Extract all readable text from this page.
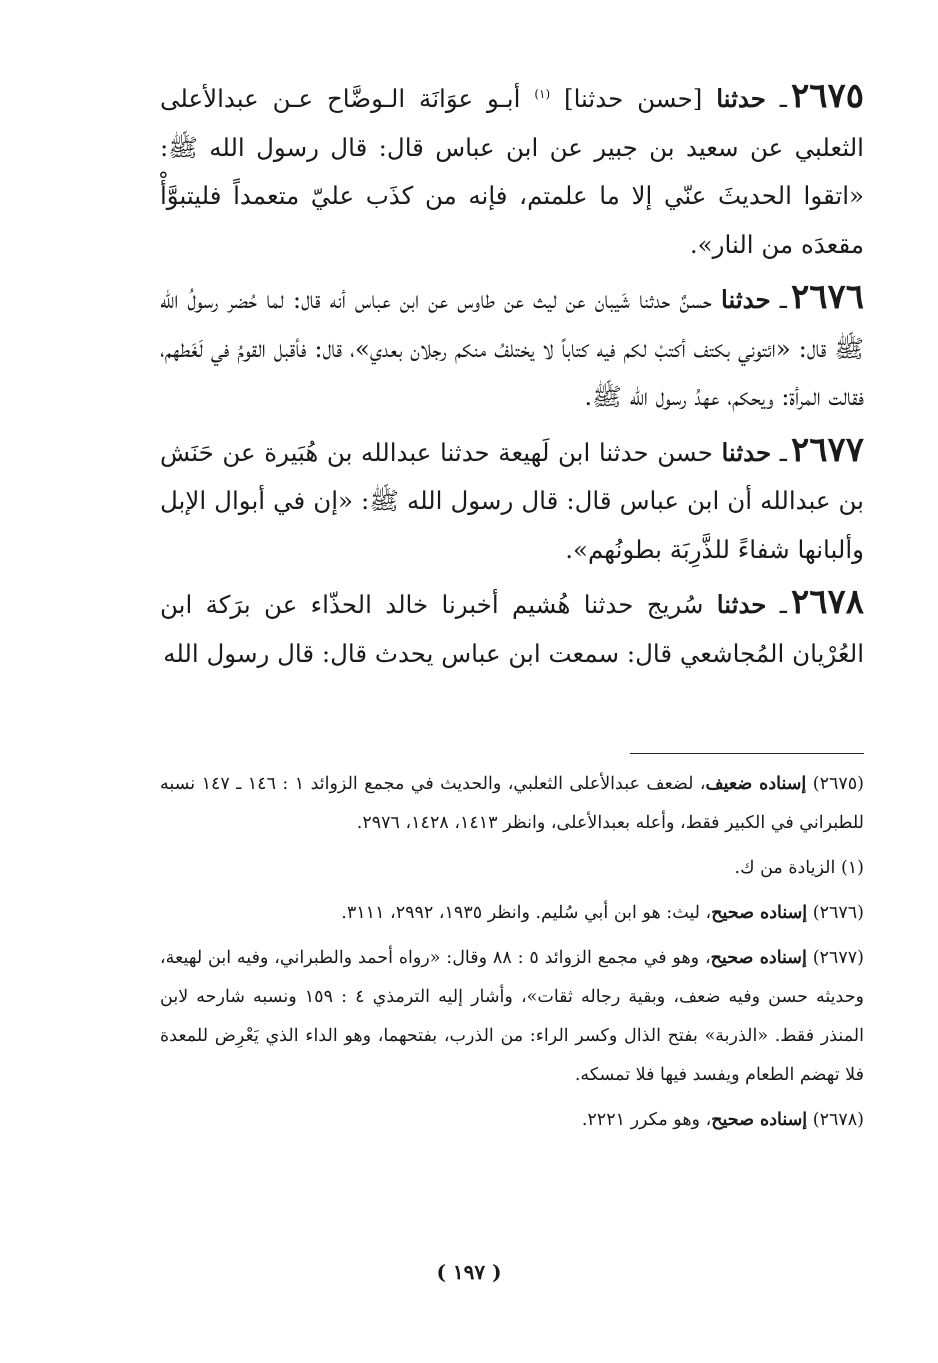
٢٦٧٥ـ حدثنا [حسن حدثنا] $^{(١)}$ أبـو عوَانَة الـوضَّاح عـن عبدالأعلى الثعلبي عن سعيد بن جبير عن ابن عباس قال: قال رسول الله ﷺ: «اتقوا الحديثَ عنّي إلا ما علمتم، فإنه من كذَب عليّ متعمداً فليتبوَّأْ مقعدَه من النار».

٢٦٧٦ـ حدثنا حسنٌ حدثنا شَيبان عن ليث عن طاوس عن ابن عباس أنه قال: لما حُضر رسولُ الله ﷺ قال: «ائتوني بكتف أكتبْ لكم فيه كتاباً لا يختلفُ منكم رجلان بعدي»، قال: فأقبل القومُ في لَغَطهم، فقالت المرأة: ويحكم، عهدُ رسول الله ﷺ.

٢٦٧٧ـ حدثنا حسن حدثنا ابن لَهيعة حدثنا عبدالله بن هُبَيرة عن حَنَش بن عبدالله أن ابن عباس قال: قال رسول الله ﷺ: «إن في أبوال الإبل وألبانها شفاءً للذَّرِبَة بطونُهم».

٢٦٧٨ـ حدثنا سُريج حدثنا هُشيم أخبرنا خالد الحذّاء عن برَكة ابن العُرْيان المُجاشعي قال: سمعت ابن عباس يحدث قال: قال رسول الله

(٢٦٧٥) إسناده ضعيف، لضعف عبدالأعلى الثعلبي، والحديث في مجمع الزوائد ١ : ١٤٦ ـ ١٤٧ نسبه للطبراني في الكبير فقط، وأعله بعبدالأعلى، وانظر ١٤١٣، ١٤٢٨، ٢٩٧٦.

(١) الزيادة من ك.

(٢٦٧٦) إسناده صحيح، ليث: هو ابن أبي سُليم. وانظر ١٩٣٥، ٢٩٩٢، ٣١١١.

(٢٦٧٧) إسناده صحيح، وهو في مجمع الزوائد ٥ : ٨٨ وقال: «رواه أحمد والطبراني، وفيه ابن لهيعة، وحديثه حسن وفيه ضعف، وبقية رجاله ثقات»، وأشار إليه الترمذي ٤ : ١٥٩ ونسبه شارحه لابن المنذر فقط. «الذربة» بفتح الذال وكسر الراء: من الذرب، بفتحهما، وهو الداء الذي يَعْرِض للمعدة فلا تهضم الطعام ويفسد فيها فلا تمسكه.

(٢٦٧٨) إسناده صحيح، وهو مكرر ٢٢٢١.

( ١٩٧ )
